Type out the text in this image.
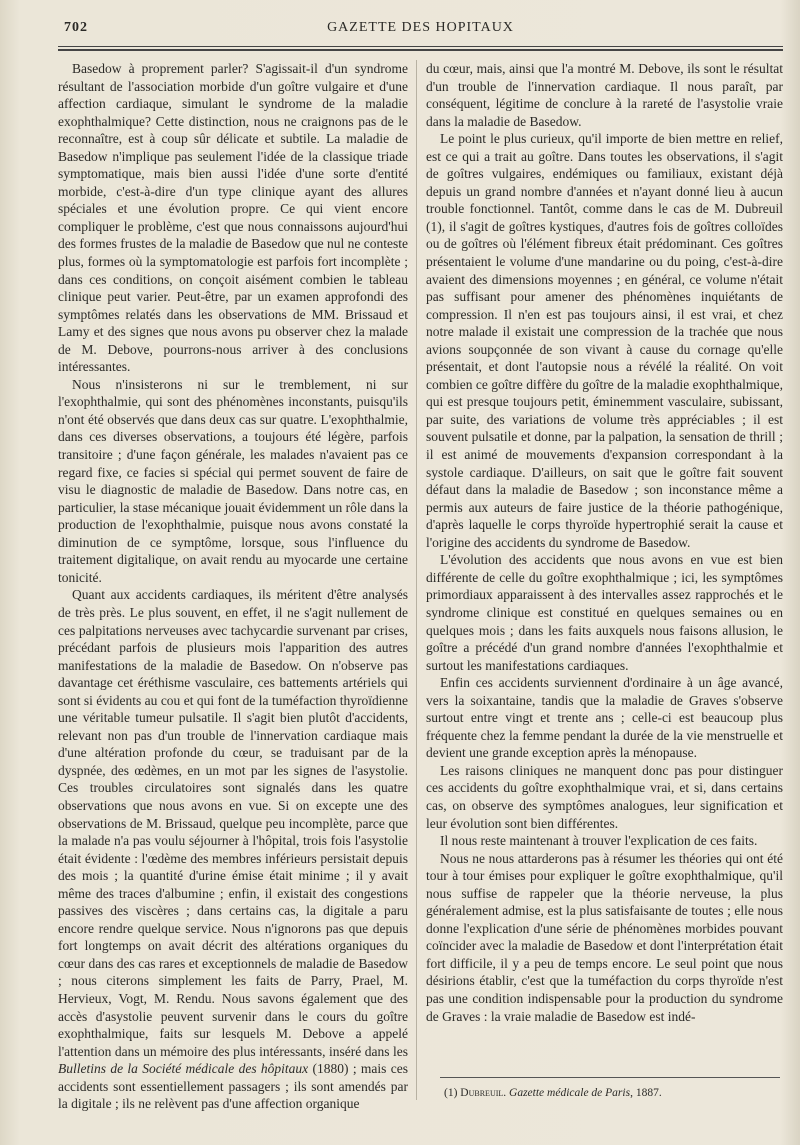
702	GAZETTE DES HOPITAUX

Basedow à proprement parler? S'agissait-il d'un syndrome résultant de l'association morbide d'un goître vulgaire et d'une affection cardiaque, simulant le syndrome de la maladie exophthalmique? Cette distinction, nous ne craignons pas de le reconnaître, est à coup sûr délicate et subtile. La maladie de Basedow n'implique pas seulement l'idée de la classique triade symptomatique, mais bien aussi l'idée d'une sorte d'entité morbide, c'est-à-dire d'un type clinique ayant des allures spéciales et une évolution propre. Ce qui vient encore compliquer le problème, c'est que nous connaissons aujourd'hui des formes frustes de la maladie de Basedow que nul ne conteste plus, formes où la symptomatologie est parfois fort incomplète ; dans ces conditions, on conçoit aisément combien le tableau clinique peut varier. Peut-être, par un examen approfondi des symptômes relatés dans les observations de MM. Brissaud et Lamy et des signes que nous avons pu observer chez la malade de M. Debove, pourrons-nous arriver à des conclusions intéressantes.

Nous n'insisterons ni sur le tremblement, ni sur l'exophthalmie, qui sont des phénomènes inconstants, puisqu'ils n'ont été observés que dans deux cas sur quatre. L'exophthalmie, dans ces diverses observations, a toujours été légère, parfois transitoire ; d'une façon générale, les malades n'avaient pas ce regard fixe, ce facies si spécial qui permet souvent de faire de visu le diagnostic de maladie de Basedow. Dans notre cas, en particulier, la stase mécanique jouait évidemment un rôle dans la production de l'exophthalmie, puisque nous avons constaté la diminution de ce symptôme, lorsque, sous l'influence du traitement digitalique, on avait rendu au myocarde une certaine tonicité.

Quant aux accidents cardiaques, ils méritent d'être analysés de très près. Le plus souvent, en effet, il ne s'agit nullement de ces palpitations nerveuses avec tachycardie survenant par crises, précédant parfois de plusieurs mois l'apparition des autres manifestations de la maladie de Basedow. On n'observe pas davantage cet éréthisme vasculaire, ces battements artériels qui sont si évidents au cou et qui font de la tuméfaction thyroïdienne une véritable tumeur pulsatile. Il s'agit bien plutôt d'accidents, relevant non pas d'un trouble de l'innervation cardiaque mais d'une altération profonde du cœur, se traduisant par de la dyspnée, des œdèmes, en un mot par les signes de l'asystolie. Ces troubles circulatoires sont signalés dans les quatre observations que nous avons en vue. Si on excepte une des observations de M. Brissaud, quelque peu incomplète, parce que la malade n'a pas voulu séjourner à l'hôpital, trois fois l'asystolie était évidente : l'œdème des membres inférieurs persistait depuis des mois ; la quantité d'urine émise était minime ; il y avait même des traces d'albumine ; enfin, il existait des congestions passives des viscères ; dans certains cas, la digitale a paru encore rendre quelque service. Nous n'ignorons pas que depuis fort longtemps on avait décrit des altérations organiques du cœur dans des cas rares et exceptionnels de maladie de Basedow ; nous citerons simplement les faits de Parry, Prael, M. Hervieux, Vogt, M. Rendu. Nous savons également que des accès d'asystolie peuvent survenir dans le cours du goître exophthalmique, faits sur lesquels M. Debove a appelé l'attention dans un mémoire des plus intéressants, inséré dans les Bulletins de la Société médicale des hôpitaux (1880) ; mais ces accidents sont essentiellement passagers ; ils sont amendés par la digitale ; ils ne relèvent pas d'une affection organique

du cœur, mais, ainsi que l'a montré M. Debove, ils sont le résultat d'un trouble de l'innervation cardiaque. Il nous paraît, par conséquent, légitime de conclure à la rareté de l'asystolie vraie dans la maladie de Basedow.

Le point le plus curieux, qu'il importe de bien mettre en relief, est ce qui a trait au goître. Dans toutes les observations, il s'agit de goîtres vulgaires, endémiques ou familiaux, existant déjà depuis un grand nombre d'années et n'ayant donné lieu à aucun trouble fonctionnel. Tantôt, comme dans le cas de M. Dubreuil (1), il s'agit de goîtres kystiques, d'autres fois de goîtres colloïdes ou de goîtres où l'élément fibreux était prédominant. Ces goîtres présentaient le volume d'une mandarine ou du poing, c'est-à-dire avaient des dimensions moyennes ; en général, ce volume n'était pas suffisant pour amener des phénomènes inquiétants de compression. Il n'en est pas toujours ainsi, il est vrai, et chez notre malade il existait une compression de la trachée que nous avions soupçonnée de son vivant à cause du cornage qu'elle présentait, et dont l'autopsie nous a révélé la réalité. On voit combien ce goître diffère du goître de la maladie exophthalmique, qui est presque toujours petit, éminemment vasculaire, subissant, par suite, des variations de volume très appréciables ; il est souvent pulsatile et donne, par la palpation, la sensation de thrill ; il est animé de mouvements d'expansion correspondant à la systole cardiaque. D'ailleurs, on sait que le goître fait souvent défaut dans la maladie de Basedow ; son inconstance même a permis aux auteurs de faire justice de la théorie pathogénique, d'après laquelle le corps thyroïde hypertrophié serait la cause et l'origine des accidents du syndrome de Basedow.

L'évolution des accidents que nous avons en vue est bien différente de celle du goître exophthalmique ; ici, les symptômes primordiaux apparaissent à des intervalles assez rapprochés et le syndrome clinique est constitué en quelques semaines ou en quelques mois ; dans les faits auxquels nous faisons allusion, le goître a précédé d'un grand nombre d'années l'exophthalmie et surtout les manifestations cardiaques.

Enfin ces accidents surviennent d'ordinaire à un âge avancé, vers la soixantaine, tandis que la maladie de Graves s'observe surtout entre vingt et trente ans ; celle-ci est beaucoup plus fréquente chez la femme pendant la durée de la vie menstruelle et devient une grande exception après la ménopause.

Les raisons cliniques ne manquent donc pas pour distinguer ces accidents du goître exophthalmique vrai, et si, dans certains cas, on observe des symptômes analogues, leur signification et leur évolution sont bien différentes.

Il nous reste maintenant à trouver l'explication de ces faits.

Nous ne nous attarderons pas à résumer les théories qui ont été tour à tour émises pour expliquer le goître exophthalmique, qu'il nous suffise de rappeler que la théorie nerveuse, la plus généralement admise, est la plus satisfaisante de toutes ; elle nous donne l'explication d'une série de phénomènes morbides pouvant coïncider avec la maladie de Basedow et dont l'interprétation était fort difficile, il y a peu de temps encore. Le seul point que nous désirions établir, c'est que la tuméfaction du corps thyroïde n'est pas une condition indispensable pour la production du syndrome de Graves : la vraie maladie de Basedow est indé-

(1) Dubreuil. Gazette médicale de Paris, 1887.
